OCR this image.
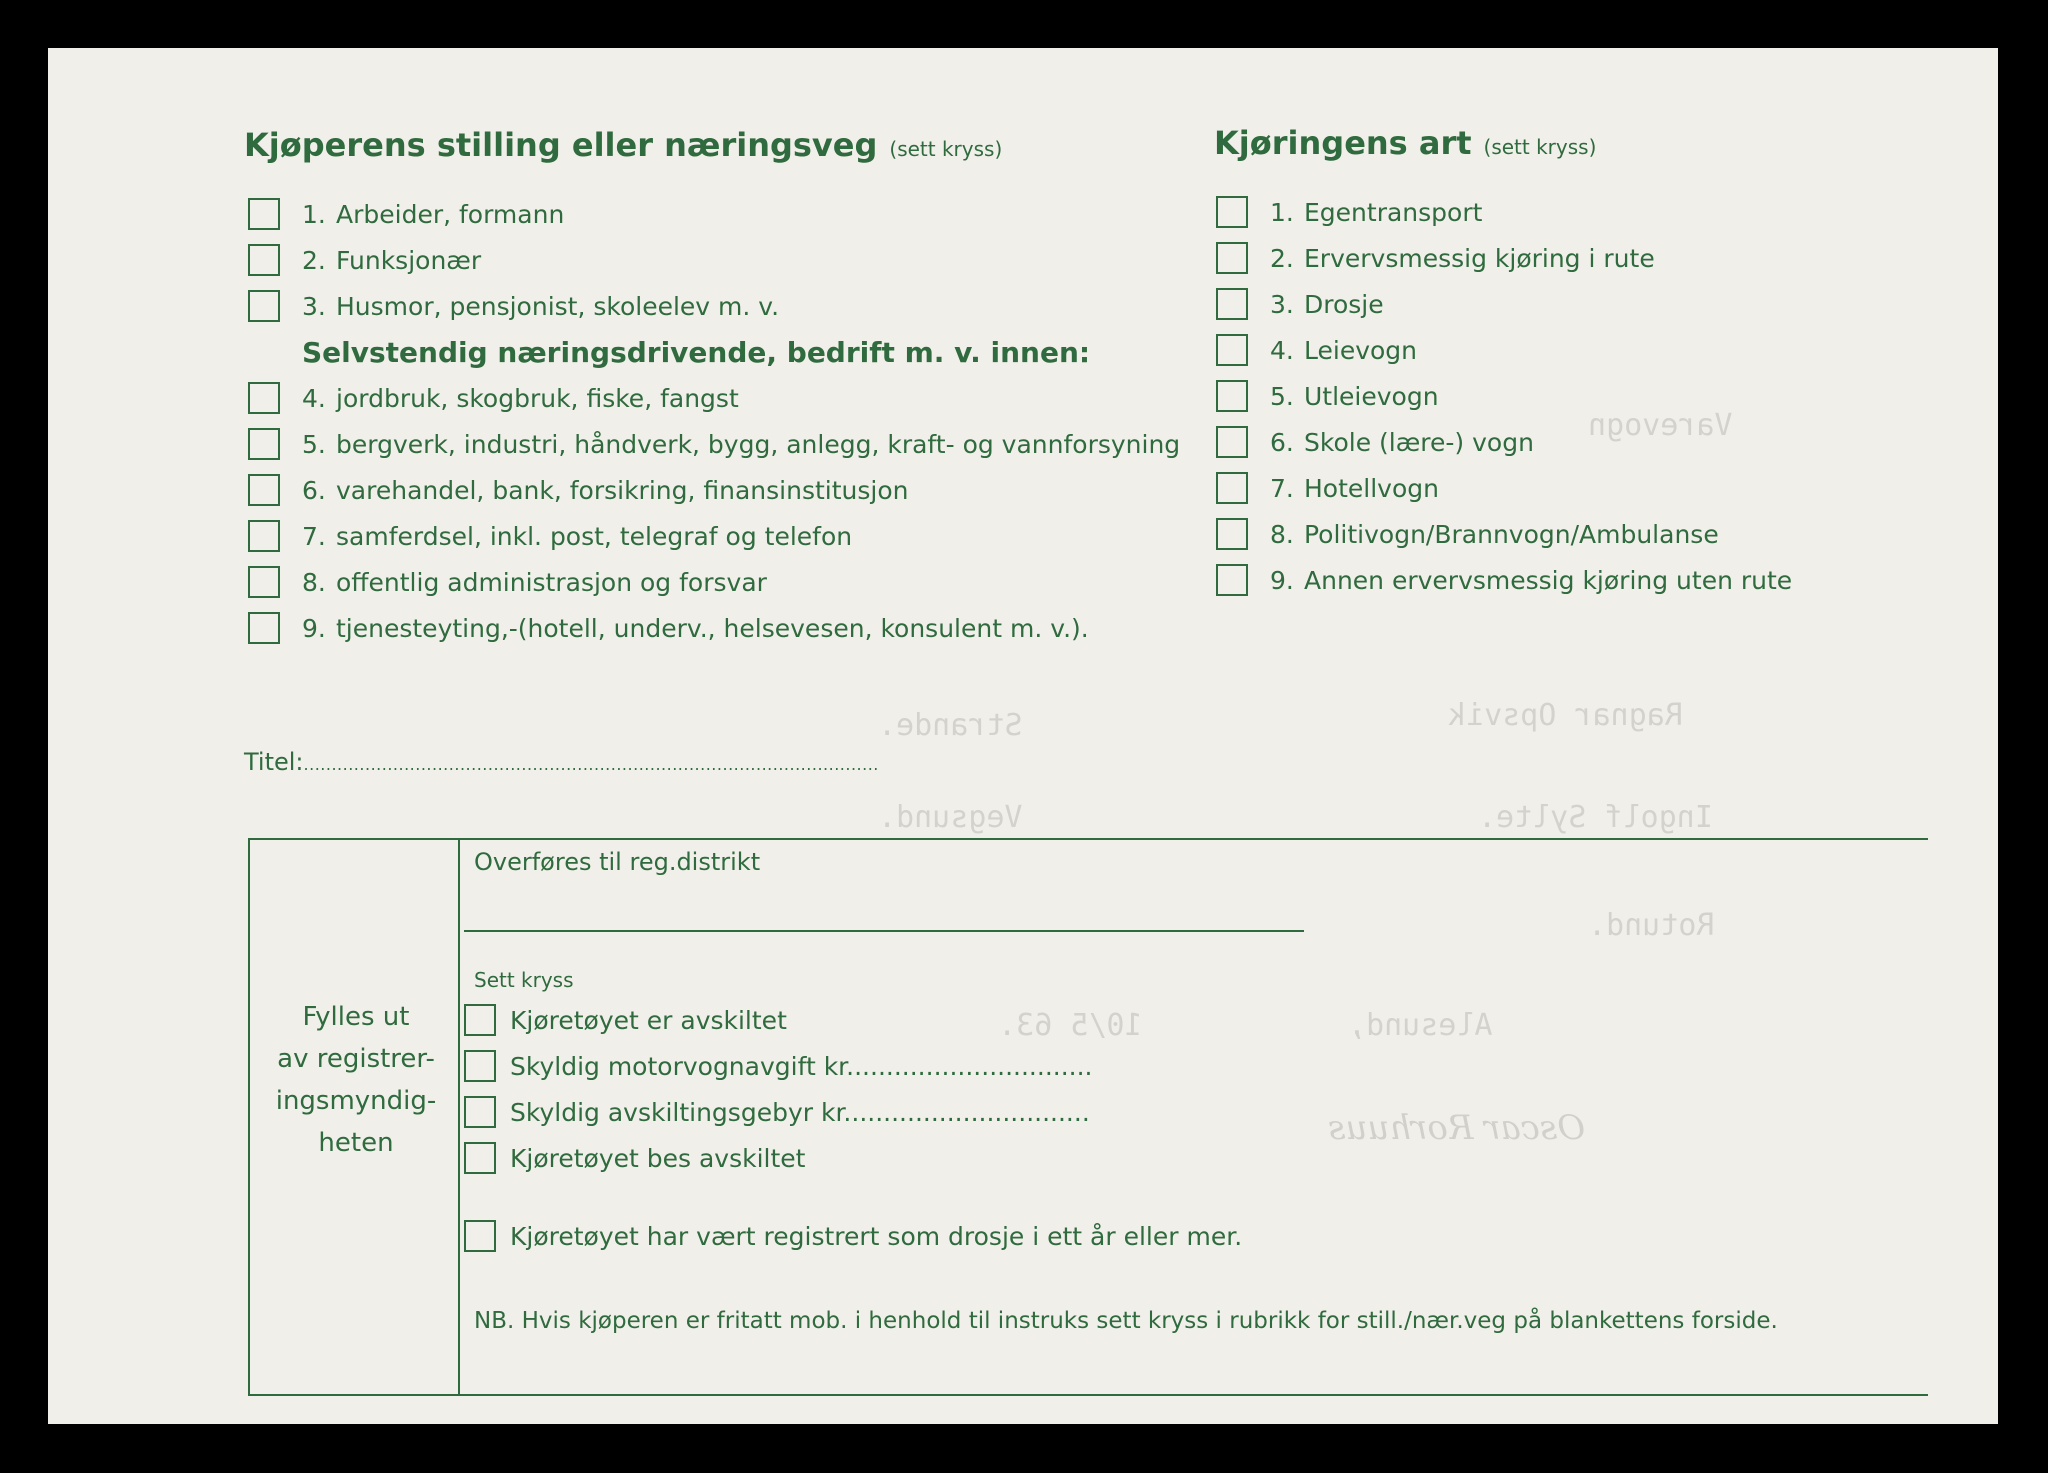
Varevogn
Ragnar Opsvik
Strande.
Ingolf Sylte.
Vegsund.
Rotund.
Alesund,
10/5 63.
Oscar Rorhuus
Kjøperens stilling eller næringsveg (sett kryss)
1. Arbeider, formann
2. Funksjonær
3. Husmor, pensjonist, skoleelev m. v.
Selvstendig næringsdrivende, bedrift m. v. innen:
4. jordbruk, skogbruk, fiske, fangst
5. bergverk, industri, håndverk, bygg, anlegg, kraft- og vannforsyning
6. varehandel, bank, forsikring, finansinstitusjon
7. samferdsel, inkl. post, telegraf og telefon
8. offentlig administrasjon og forsvar
9. tjenesteyting,-(hotell, underv., helsevesen, konsulent m. v.).
Titel:.......................................................................................................
Kjøringens art (sett kryss)
1. Egentransport
2. Ervervsmessig kjøring i rute
3. Drosje
4. Leievogn
5. Utleievogn
6. Skole (lære-) vogn
7. Hotellvogn
8. Politivogn/Brannvogn/Ambulanse
9. Annen ervervsmessig kjøring uten rute
Fylles ut
av registrer-
ingsmyndig-
heten
Overføres til reg.distrikt
Sett kryss
Kjøretøyet er avskiltet
Skyldig motorvognavgift kr...............................
Skyldig avskiltingsgebyr kr...............................
Kjøretøyet bes avskiltet
Kjøretøyet har vært registrert som drosje i ett år eller mer.
NB. Hvis kjøperen er fritatt mob. i henhold til instruks sett kryss i rubrikk for still./nær.veg på blankettens forside.
